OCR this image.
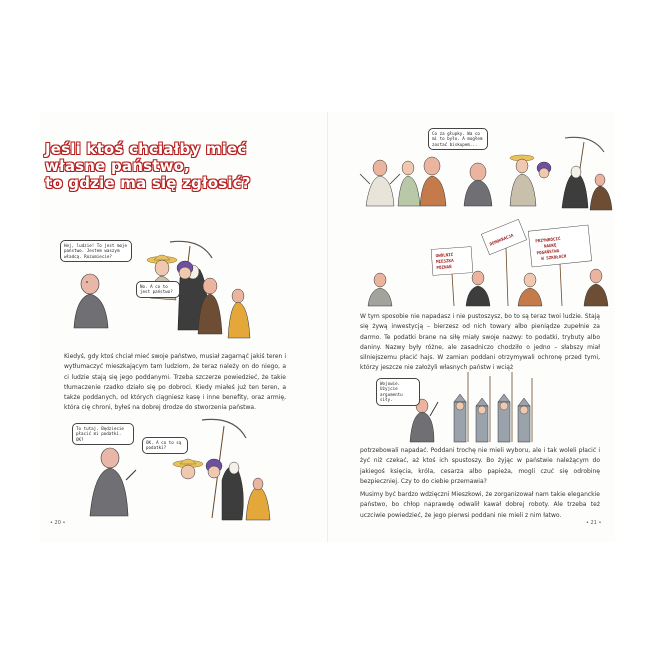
Jeśli ktoś chciałby mieć
własne państwo,
to gdzie ma się zgłosić?
Hej, ludzie! To jest moje państwo. Jestem waszym władcą. Rozumiecie?
No. A co to jest państwo?

Kiedyś, gdy ktoś chciał mieć swoje państwo, musiał zagarnąć jakiś teren i wytłumaczyć mieszkającym tam ludziom, że teraz należy on do niego, a ci ludzie stają się jego poddanymi. Trzeba szczerze powiedzieć, że takie tłumaczenie rzadko działo się po dobroci. Kiedy miałeś już ten teren, a także poddanych, od których ciągniesz kasę i inne benefity, oraz armię, która cię chroni, byłeś na dobrej drodze do stworzenia państwa.

To tutaj. Będziecie płacić mi podatki. OK?
OK. A co to są podatki?
• 20 •
PRZYWRÓCIĆNAUKĘPOGAŃSTWAW SZKOŁACH
DEMOKRACJA
UWOLNIĆMIESZKAPOZNAŃ
Co za głupky. Wa co mi to było. A mogłem zostać biskupem...

W tym sposobie nie napadasz i nie pustoszysz, bo to są teraz twoi ludzie. Stają się żywą inwestycją – bierzesz od nich towary albo pieniądze zupełnie za darmo. Te podatki brane na siłę miały swoje nazwy: to podatki, trybuty albo daniny. Nazwy były różne, ale zasadniczo chodziło o jedno – słabszy miał silniejszemu płacić hajs. W zamian poddani otrzymywali ochronę przed tymi, którzy jeszcze nie założyli własnych państw i wciąż

Wojowie. Użyjcie argumentu siły.

potrzebowali napadać. Poddani trochę nie mieli wyboru, ale i tak woleli płacić i żyć niż czekać, aż ktoś ich spustoszy. Bo żyjąc w państwie należącym do jakiegoś księcia, króla, cesarza albo papieża, mogli czuć się odrobinę bezpieczniej. Czy to do ciebie przemawia?

Musimy być bardzo wdzięczni Mieszkowi, że zorganizował nam takie eleganckie państwo, bo chłop naprawdę odwalił kawał dobrej roboty. Ale trzeba też uczciwie powiedzieć, że jego pierwsi poddani nie mieli z nim łatwo.

• 21 •
